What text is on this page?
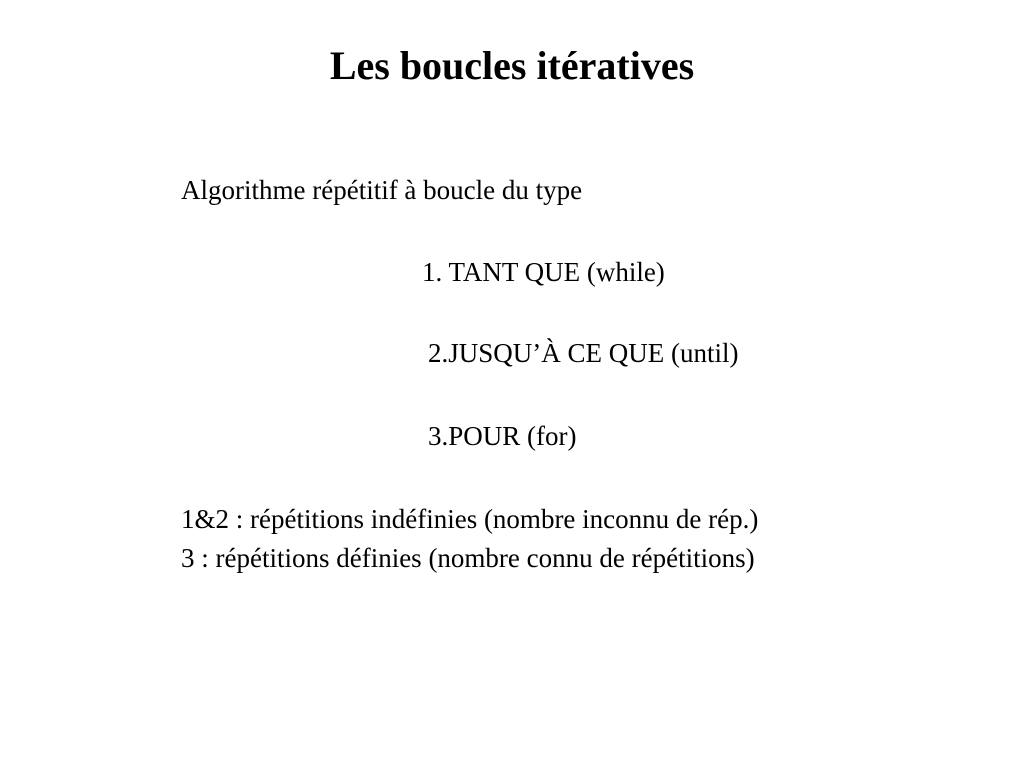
Les boucles itératives
Algorithme répétitif à boucle du type
1. TANT QUE (while)
2.JUSQU’À CE QUE (until)
3.POUR (for)
1&2 : répétitions indéfinies (nombre inconnu de rép.)
3 : répétitions définies (nombre connu de répétitions)
